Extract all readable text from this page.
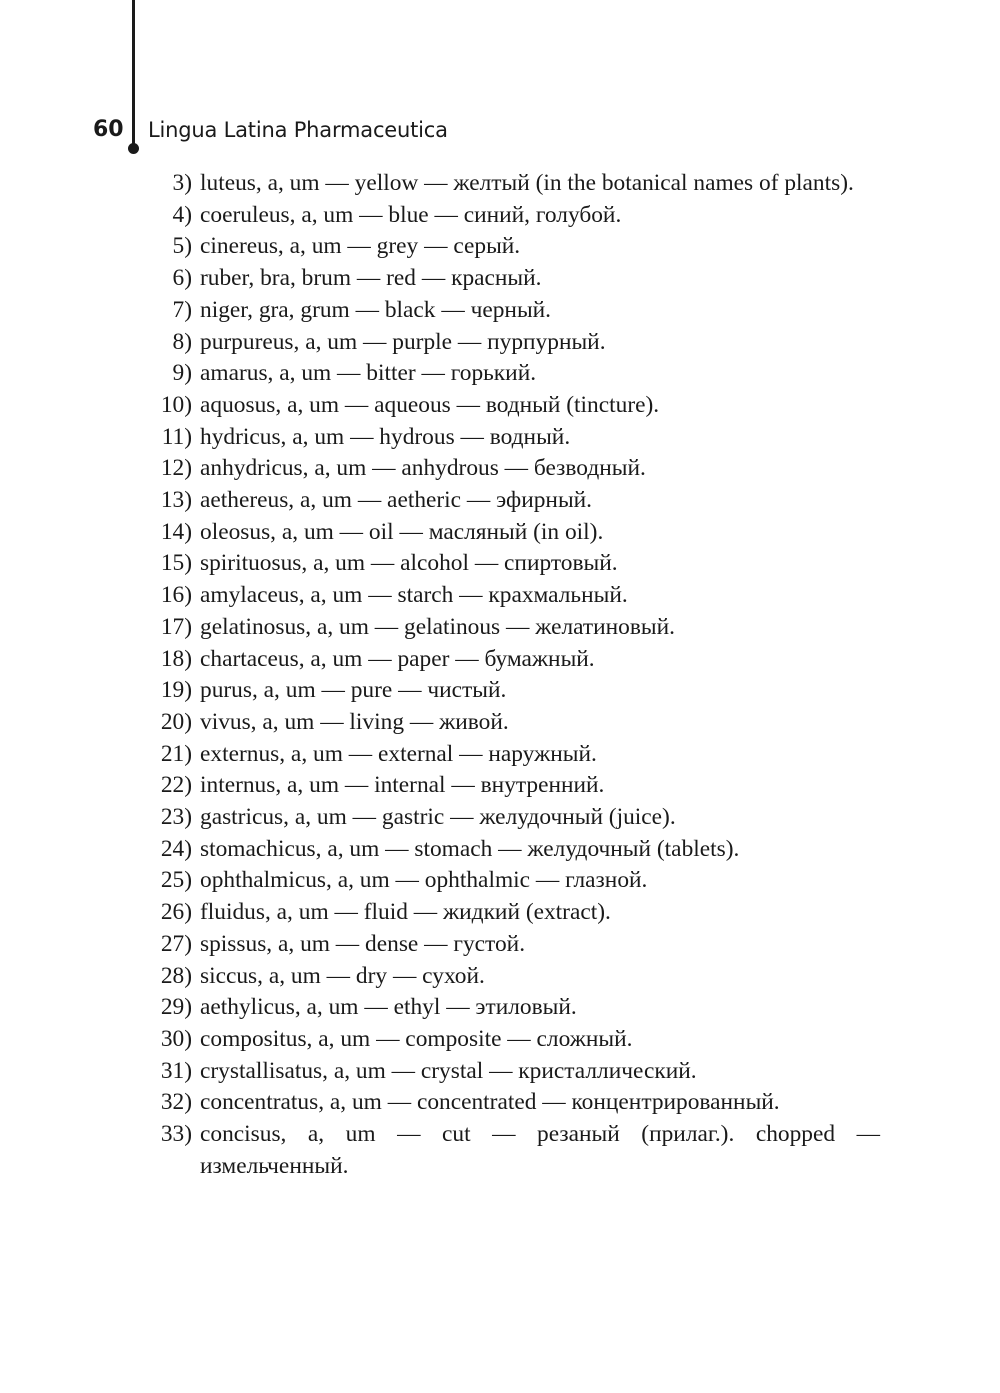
60 Lingua Latina Pharmaceutica
3) luteus, a, um — yellow — желтый (in the botanical names of plants).
4) coeruleus, a, um — blue — синий, голубой.
5) cinereus, a, um — grey — серый.
6) ruber, bra, brum — red — красный.
7) niger, gra, grum — black — черный.
8) purpureus, a, um — purple — пурпурный.
9) amarus, a, um — bitter — горький.
10) aquosus, a, um — aqueous — водный (tincture).
11) hydricus, a, um — hydrous — водный.
12) anhydricus, a, um — anhydrous — безводный.
13) aethereus, a, um — aetheric — эфирный.
14) oleosus, a, um — oil — масляный (in oil).
15) spirituosus, a, um — alcohol — спиртовый.
16) amylaceus, a, um — starch — крахмальный.
17) gelatinosus, a, um — gelatinous — желатиновый.
18) chartaceus, a, um — paper — бумажный.
19) purus, a, um — pure — чистый.
20) vivus, a, um — living — живой.
21) externus, a, um — external — наружный.
22) internus, a, um — internal — внутренний.
23) gastricus, a, um — gastric — желудочный (juice).
24) stomachicus, a, um — stomach — желудочный (tablets).
25) ophthalmicus, a, um — ophthalmic — глазной.
26) fluidus, a, um — fluid — жидкий (extract).
27) spissus, a, um — dense — густой.
28) siccus, a, um — dry — сухой.
29) aethylicus, a, um — ethyl — этиловый.
30) compositus, a, um — composite — сложный.
31) crystallisatus, a, um — crystal — кристаллический.
32) concentratus, a, um — concentrated — концентрированный.
33) concisus, a, um — cut — резаный (прилаг.). chopped — измельченный.
